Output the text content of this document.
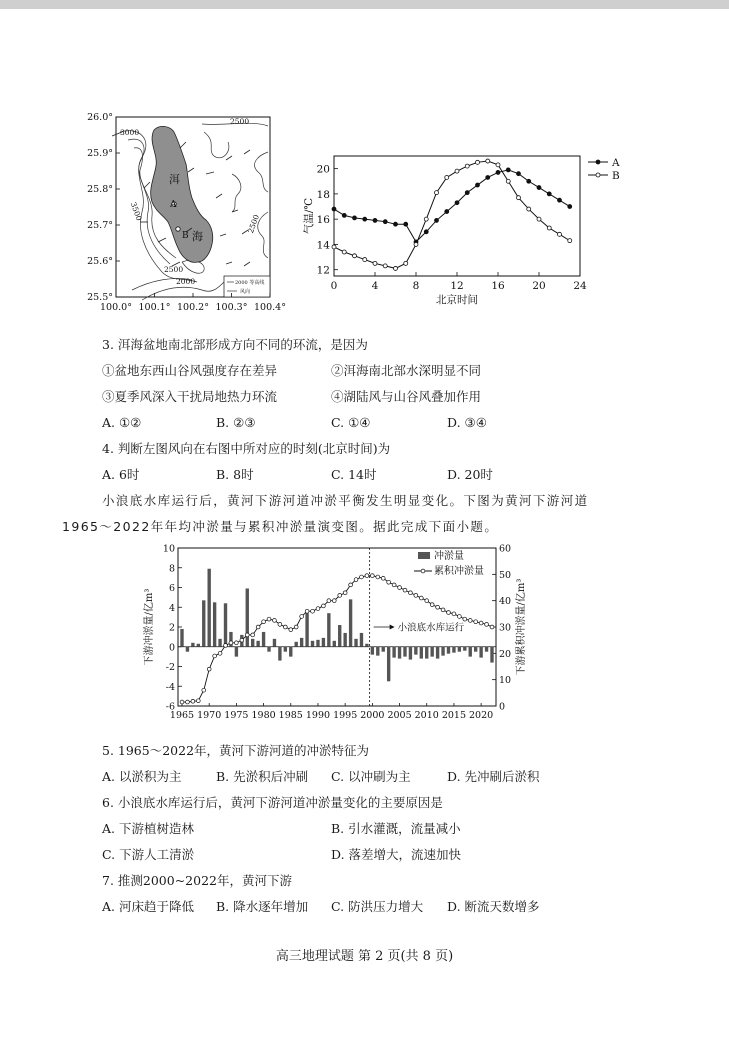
洱
海
A
B
3000
2500
3500
2500
2500
2000	2000 等高线
风向
26.0°
25.9°
25.8°
25.7°
25.6°
25.5°
100.0° 100.1° 100.2° 100.3° 100.4°
0	4	8	12	16	20	24
12
14
16
18
20
北京时间
气温/℃
A
B
3. 洱海盆地南北部形成方向不同的环流，是因为
①盆地东西山谷风强度存在差异	②洱海南北部水深明显不同
③夏季风深入干扰局地热力环流	④湖陆风与山谷风叠加作用
A. ①②	B. ②③	C. ①④	D. ③④
4. 判断左图风向在右图中所对应的时刻(北京时间)为
A. 6时	B. 8时	C. 14时	D. 20时
小浪底水库运行后，黄河下游河道冲淤平衡发生明显变化。下图为黄河下游河道
1965～2022年年均冲淤量与累积冲淤量演变图。据此完成下面小题。
-6
-4
-2
0
2
4
6
8
10
0
10
20
30
40
50
60
1965 1970 1975 1980 1985 1990 1995 2000 2005 2010 2015 2020
下游冲淤量/亿m³	下游累积冲淤量/亿m³
小浪底水库运行
冲淤量
累积冲淤量
5. 1965～2022年，黄河下游河道的冲淤特征为
A. 以淤积为主	B. 先淤积后冲刷 C. 以冲刷为主	D. 先冲刷后淤积
6. 小浪底水库运行后，黄河下游河道冲淤量变化的主要原因是
A. 下游植树造林	B. 引水灌溉，流量减小
C. 下游人工清淤	D. 落差增大，流速加快
7. 推测2000~2022年，黄河下游
A. 河床趋于降低 B. 降水逐年增加 C. 防洪压力增大 D. 断流天数增多
高三地理试题 第 2 页(共 8 页)
